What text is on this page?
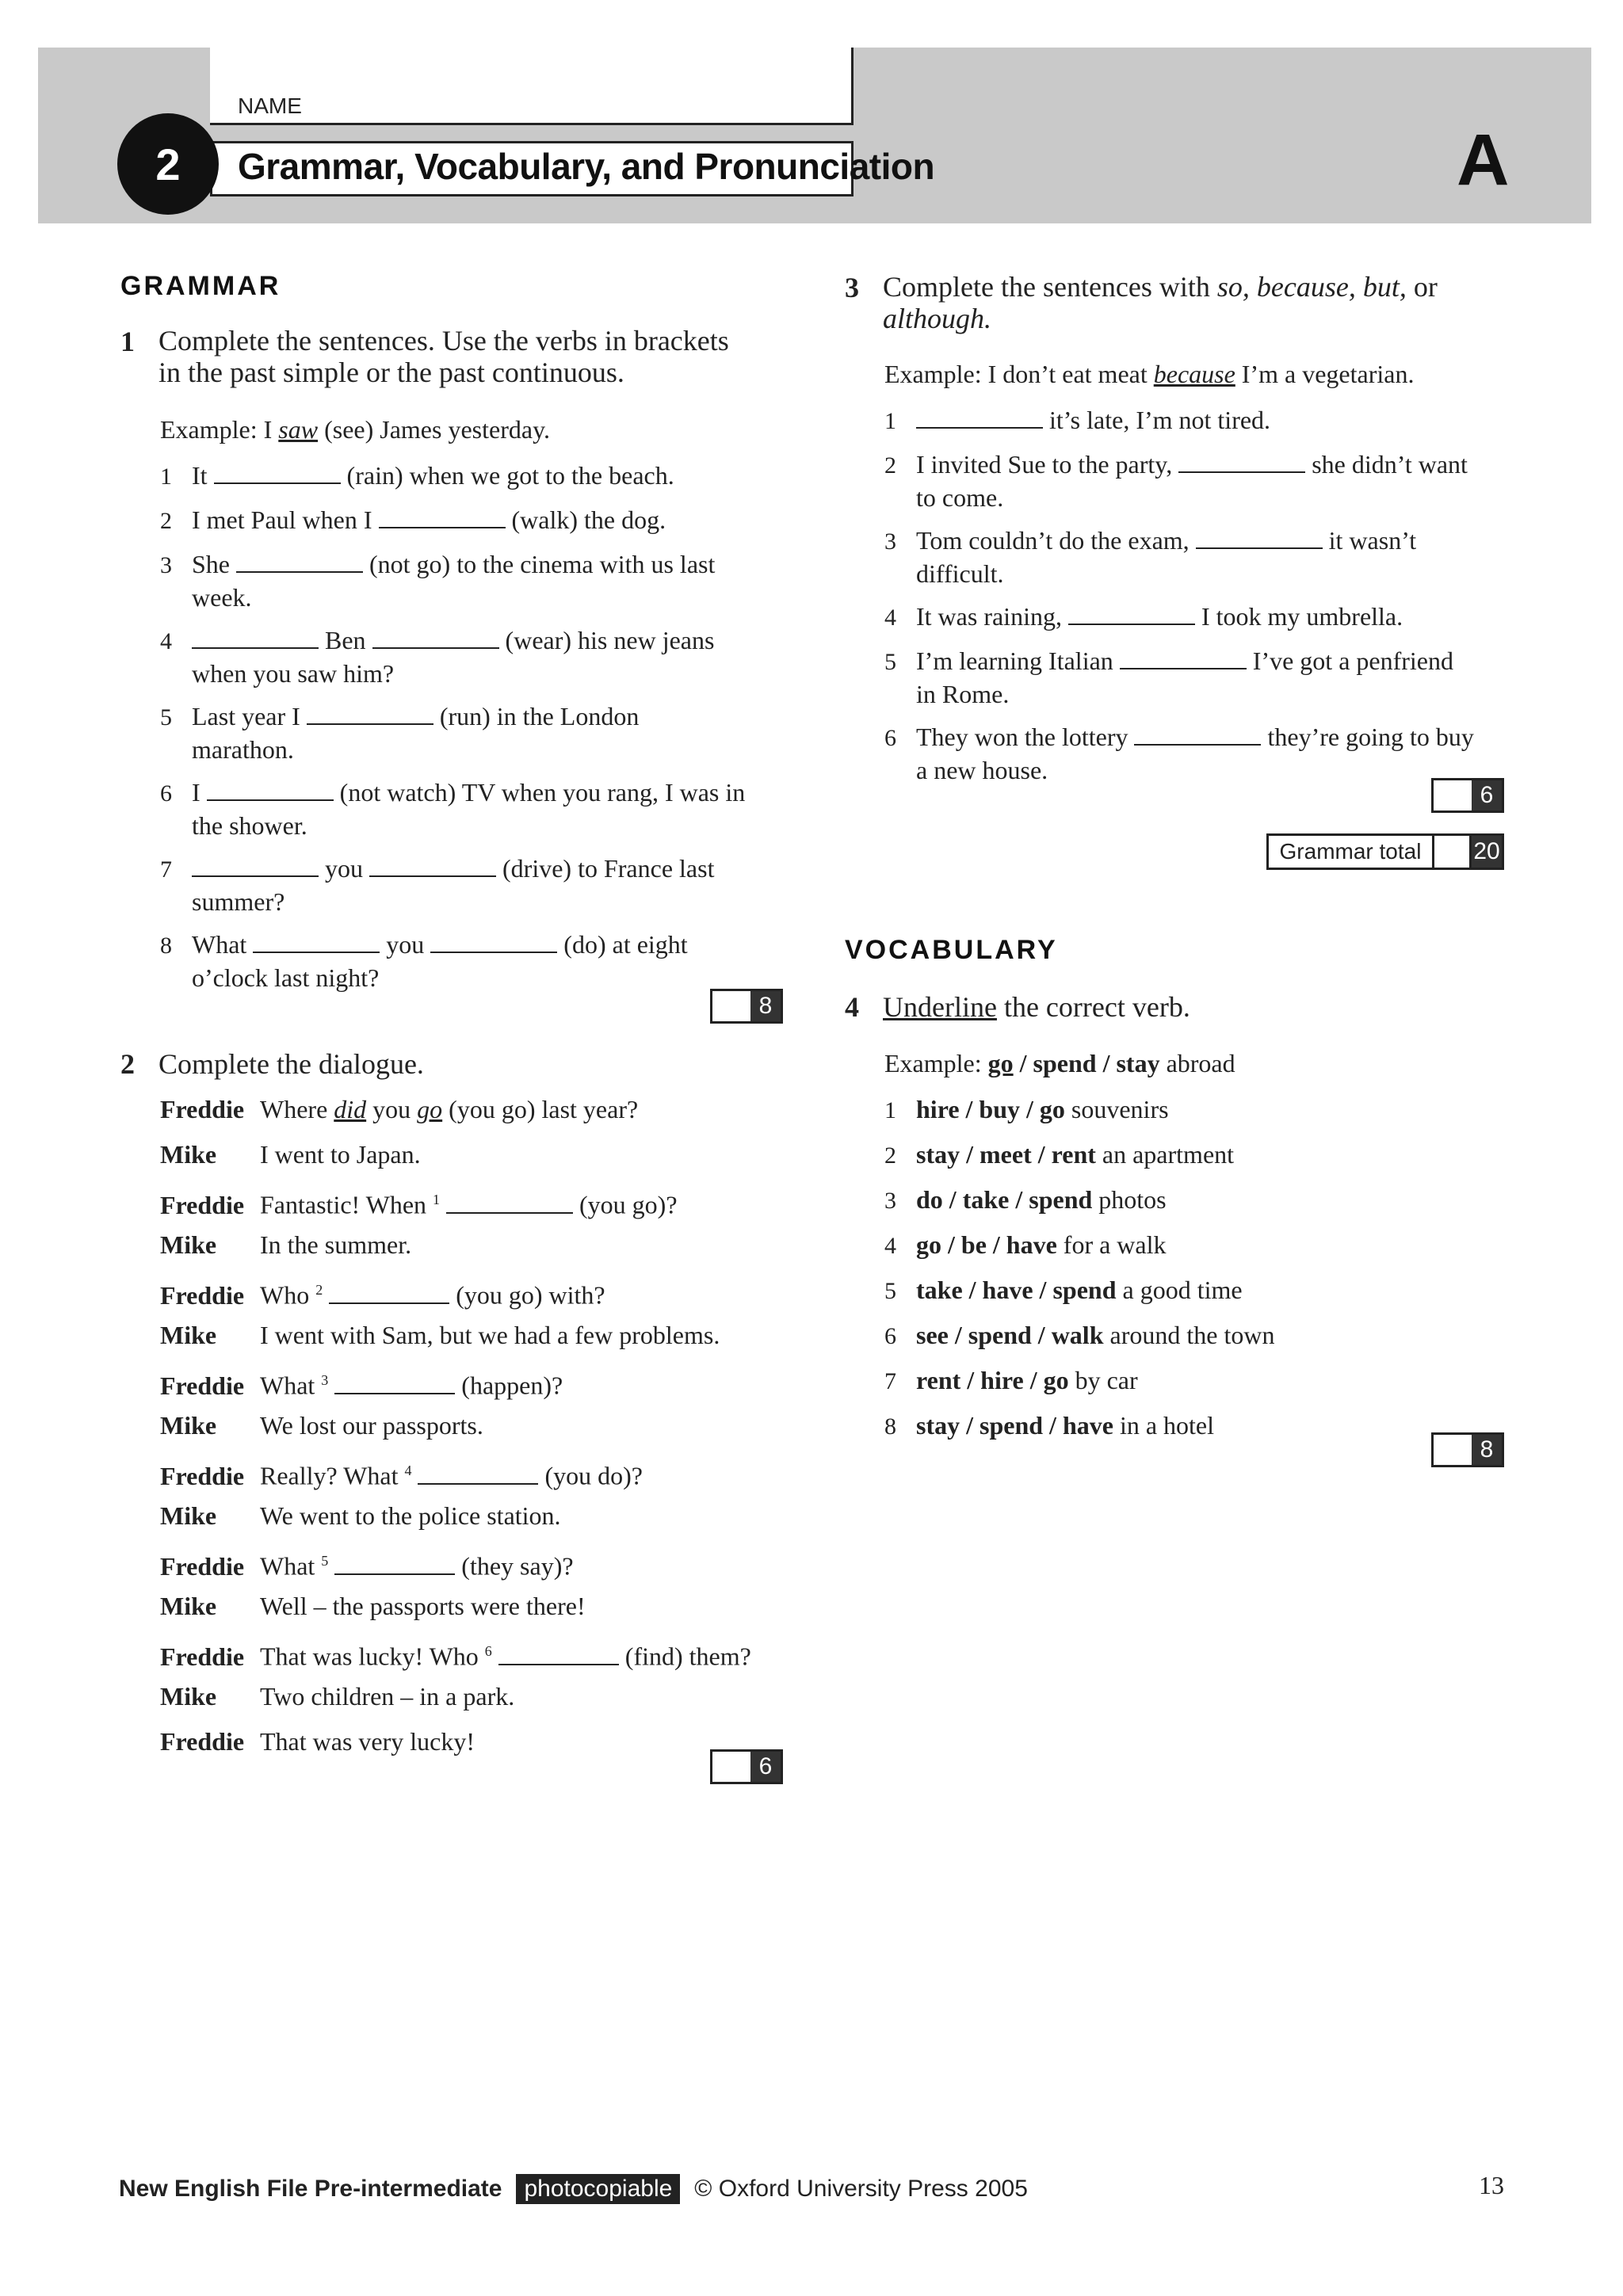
NAME
Grammar, Vocabulary, and Pronunciation
2	A
GRAMMAR
1 Complete the sentences. Use the verbs in brackets
in the past simple or the past continuous.
Example: I saw (see) James yesterday.
1 It	(rain) when we got to the beach.
2 I met Paul when I	(walk) the dog.
3 She	(not go) to the cinema with us last
week.
4	Ben	(wear) his new jeans
when you saw him?
5 Last year I	(run) in the London
marathon.
6 I	(not watch) TV when you rang, I was in
the shower.
7	you	(drive) to France last
summer?
8 What	you	(do) at eight
o’clock last night?
8
2 Complete the dialogue.
Freddie Where did you go (you go) last year?
Mike I went to Japan.
Freddie Fantastic! When $^1$	(you go)?
Mike In the summer.
Freddie Who $^2$	(you go) with?
Mike I went with Sam, but we had a few problems.
Freddie What $^3$	(happen)?
Mike We lost our passports.
Freddie Really? What $^4$	(you do)?
Mike We went to the police station.
Freddie What $^5$	(they say)?
Mike Well – the passports were there!
Freddie That was lucky! Who $^6$	(find) them?
Mike Two children – in a park.
Freddie That was very lucky!
6
3 Complete the sentences with so, because, but, or
although.
Example: I don’t eat meat because I’m a vegetarian.
1	it’s late, I’m not tired.
2 I invited Sue to the party,	she didn’t want
to come.
3 Tom couldn’t do the exam,	it wasn’t
difficult.
4 It was raining,	I took my umbrella.
5 I’m learning Italian	I’ve got a penfriend
in Rome.
6 They won the lottery	they’re going to buy
a new house.
6
Grammar total	20
VOCABULARY
4 Underline the correct verb.
Example: go / spend / stay abroad
1 hire / buy / go souvenirs
2 stay / meet / rent an apartment
3 do / take / spend photos
4 go / be / have for a walk
5 take / have / spend a good time
6 see / spend / walk around the town
7 rent / hire / go by car
8 stay / spend / have in a hotel
8
New English File Pre-intermediate photocopiable © Oxford University Press 2005	13
